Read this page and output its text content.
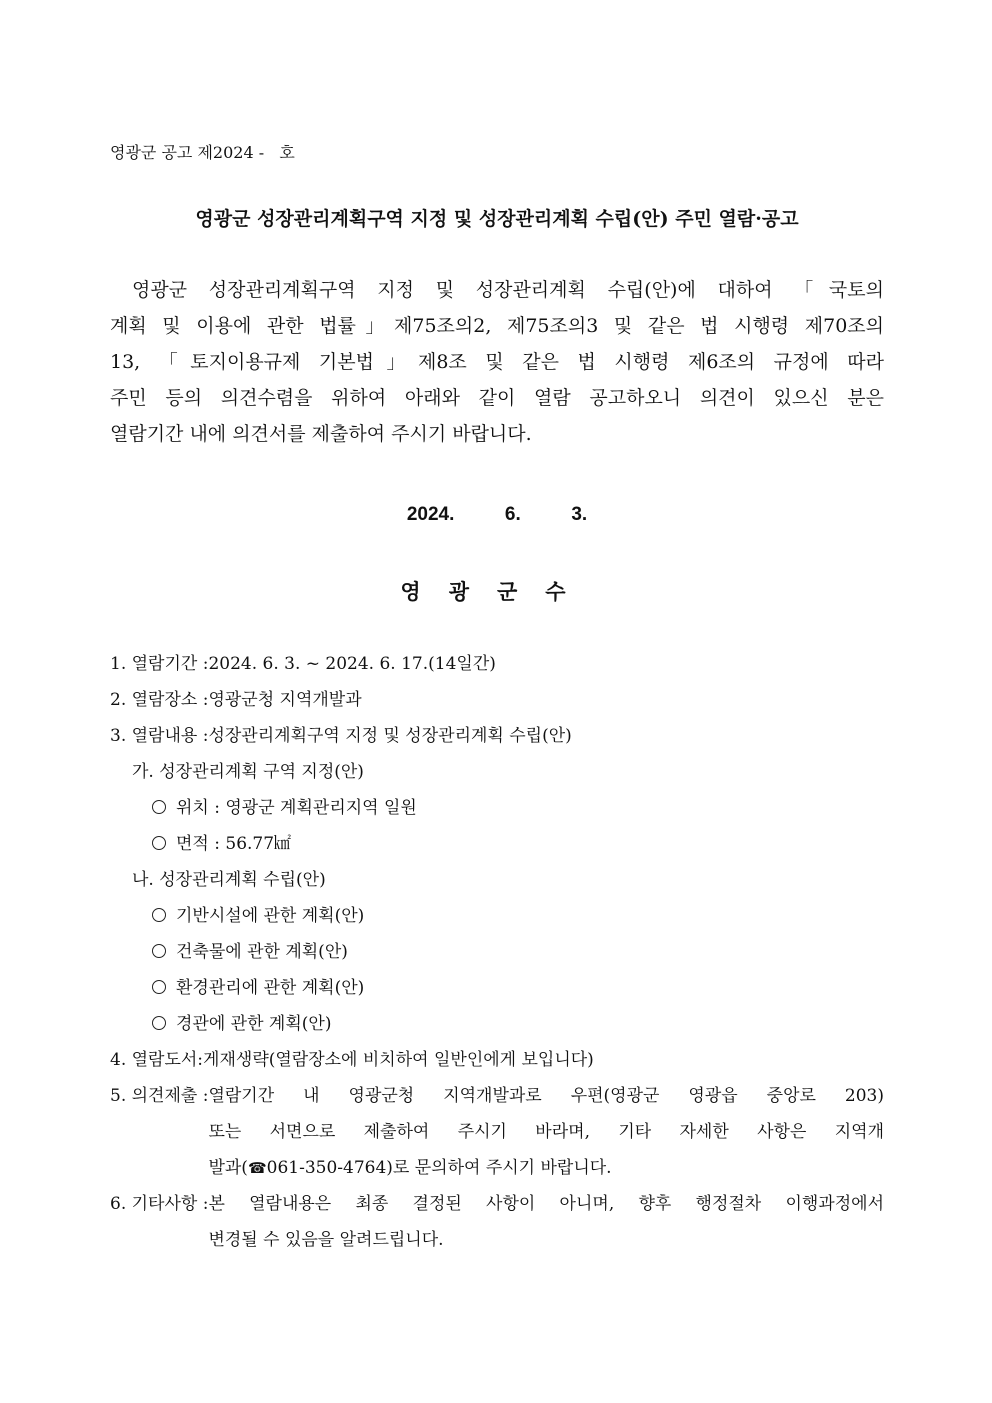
영광군 공고 제2024 -   호
영광군 성장관리계획구역 지정 및 성장관리계획 수립(안) 주민 열람·공고
영광군 성장관리계획구역 지정 및 성장관리계획 수립(안)에 대하여 「국토의
계획 및 이용에 관한 법률」제75조의2, 제75조의3 및 같은 법 시행령 제70조의
13, 「토지이용규제 기본법」제8조 및 같은 법 시행령 제6조의 규정에 따라
주민 등의 의견수렴을 위하여 아래와 같이 열람 공고하오니 의견이 있으신 분은
열람기간 내에 의견서를 제출하여 주시기 바랍니다.
2024.  6.  3.
영광군수
1. 열람기간 :2024. 6. 3. ~ 2024. 6. 17.(14일간)
2. 열람장소 :영광군청 지역개발과
3. 열람내용 :성장관리계획구역 지정 및 성장관리계획 수립(안)
가. 성장관리계획 구역 지정(안)
위치 : 영광군 계획관리지역 일원
면적 : 56.77㎢
나. 성장관리계획 수립(안)
기반시설에 관한 계획(안)
건축물에 관한 계획(안)
환경관리에 관한 계획(안)
경관에 관한 계획(안)
4. 열람도서:게재생략(열람장소에 비치하여 일반인에게 보입니다)
5. 의견제출 : 열람기간 내 영광군청 지역개발과로 우편(영광군 영광읍 중앙로 203)
또는 서면으로 제출하여 주시기 바라며, 기타 자세한 사항은 지역개
발과(☎061-350-4764)로 문의하여 주시기 바랍니다.
6. 기타사항 : 본 열람내용은 최종 결정된 사항이 아니며, 향후 행정절차 이행과정에서
변경될 수 있음을 알려드립니다.
